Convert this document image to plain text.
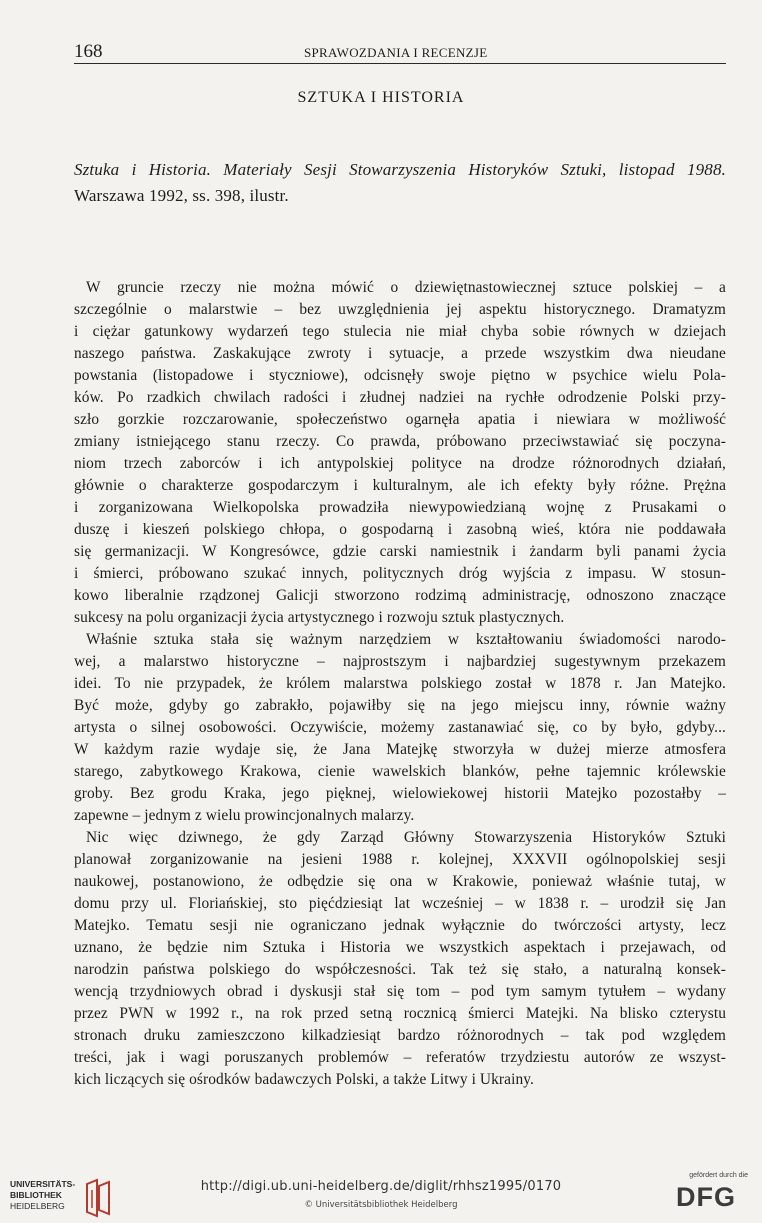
168	SPRAWOZDANIA I RECENZJE
SZTUKA I HISTORIA
Sztuka i Historia. Materiały Sesji Stowarzyszenia Historyków Sztuki, listopad 1988. Warszawa 1992, ss. 398, ilustr.
W gruncie rzeczy nie można mówić o dziewiętnastowiecznej sztuce polskiej – a
szczególnie o malarstwie – bez uwzględnienia jej aspektu historycznego. Dramatyzm
i ciężar gatunkowy wydarzeń tego stulecia nie miał chyba sobie równych w dziejach
naszego państwa. Zaskakujące zwroty i sytuacje, a przede wszystkim dwa nieudane
powstania (listopadowe i styczniowe), odcisnęły swoje piętno w psychice wielu Pola-
ków. Po rzadkich chwilach radości i złudnej nadziei na rychłe odrodzenie Polski przy-
szło gorzkie rozczarowanie, społeczeństwo ogarnęła apatia i niewiara w możliwość
zmiany istniejącego stanu rzeczy. Co prawda, próbowano przeciwstawiać się poczyna-
niom trzech zaborców i ich antypolskiej polityce na drodze różnorodnych działań,
głównie o charakterze gospodarczym i kulturalnym, ale ich efekty były różne. Prężna
i zorganizowana Wielkopolska prowadziła niewypowiedzianą wojnę z Prusakami o
duszę i kieszeń polskiego chłopa, o gospodarną i zasobną wieś, która nie poddawała
się germanizacji. W Kongresówce, gdzie carski namiestnik i żandarm byli panami życia
i śmierci, próbowano szukać innych, politycznych dróg wyjścia z impasu. W stosun-
kowo liberalnie rządzonej Galicji stworzono rodzimą administrację, odnoszono znaczące
sukcesy na polu organizacji życia artystycznego i rozwoju sztuk plastycznych.
Właśnie sztuka stała się ważnym narzędziem w kształtowaniu świadomości narodo-
wej, a malarstwo historyczne – najprostszym i najbardziej sugestywnym przekazem
idei. To nie przypadek, że królem malarstwa polskiego został w 1878 r. Jan Matejko.
Być może, gdyby go zabrakło, pojawiłby się na jego miejscu inny, równie ważny
artysta o silnej osobowości. Oczywiście, możemy zastanawiać się, co by było, gdyby...
W każdym razie wydaje się, że Jana Matejkę stworzyła w dużej mierze atmosfera
starego, zabytkowego Krakowa, cienie wawelskich blanków, pełne tajemnic królewskie
groby. Bez grodu Kraka, jego pięknej, wielowiekowej historii Matejko pozostałby –
zapewne – jednym z wielu prowincjonalnych malarzy.
Nic więc dziwnego, że gdy Zarząd Główny Stowarzyszenia Historyków Sztuki
planował zorganizowanie na jesieni 1988 r. kolejnej, XXXVII ogólnopolskiej sesji
naukowej, postanowiono, że odbędzie się ona w Krakowie, ponieważ właśnie tutaj, w
domu przy ul. Floriańskiej, sto pięćdziesiąt lat wcześniej – w 1838 r. – urodził się Jan
Matejko. Tematu sesji nie ograniczano jednak wyłącznie do twórczości artysty, lecz
uznano, że będzie nim Sztuka i Historia we wszystkich aspektach i przejawach, od
narodzin państwa polskiego do współczesności. Tak też się stało, a naturalną konsek-
wencją trzydniowych obrad i dyskusji stał się tom – pod tym samym tytułem – wydany
przez PWN w 1992 r., na rok przed setną rocznicą śmierci Matejki. Na blisko czterystu
stronach druku zamieszczono kilkadziesiąt bardzo różnorodnych – tak pod względem
treści, jak i wagi poruszanych problemów – referatów trzydziestu autorów ze wszyst-
kich liczących się ośrodków badawczych Polski, a także Litwy i Ukrainy.
UNIVERSITÄTS-
BIBLIOTHEK
HEIDELBERG
http://digi.ub.uni-heidelberg.de/diglit/rhhsz1995/0170
© Universitätsbibliothek Heidelberg
gefördert durch die
DFG
